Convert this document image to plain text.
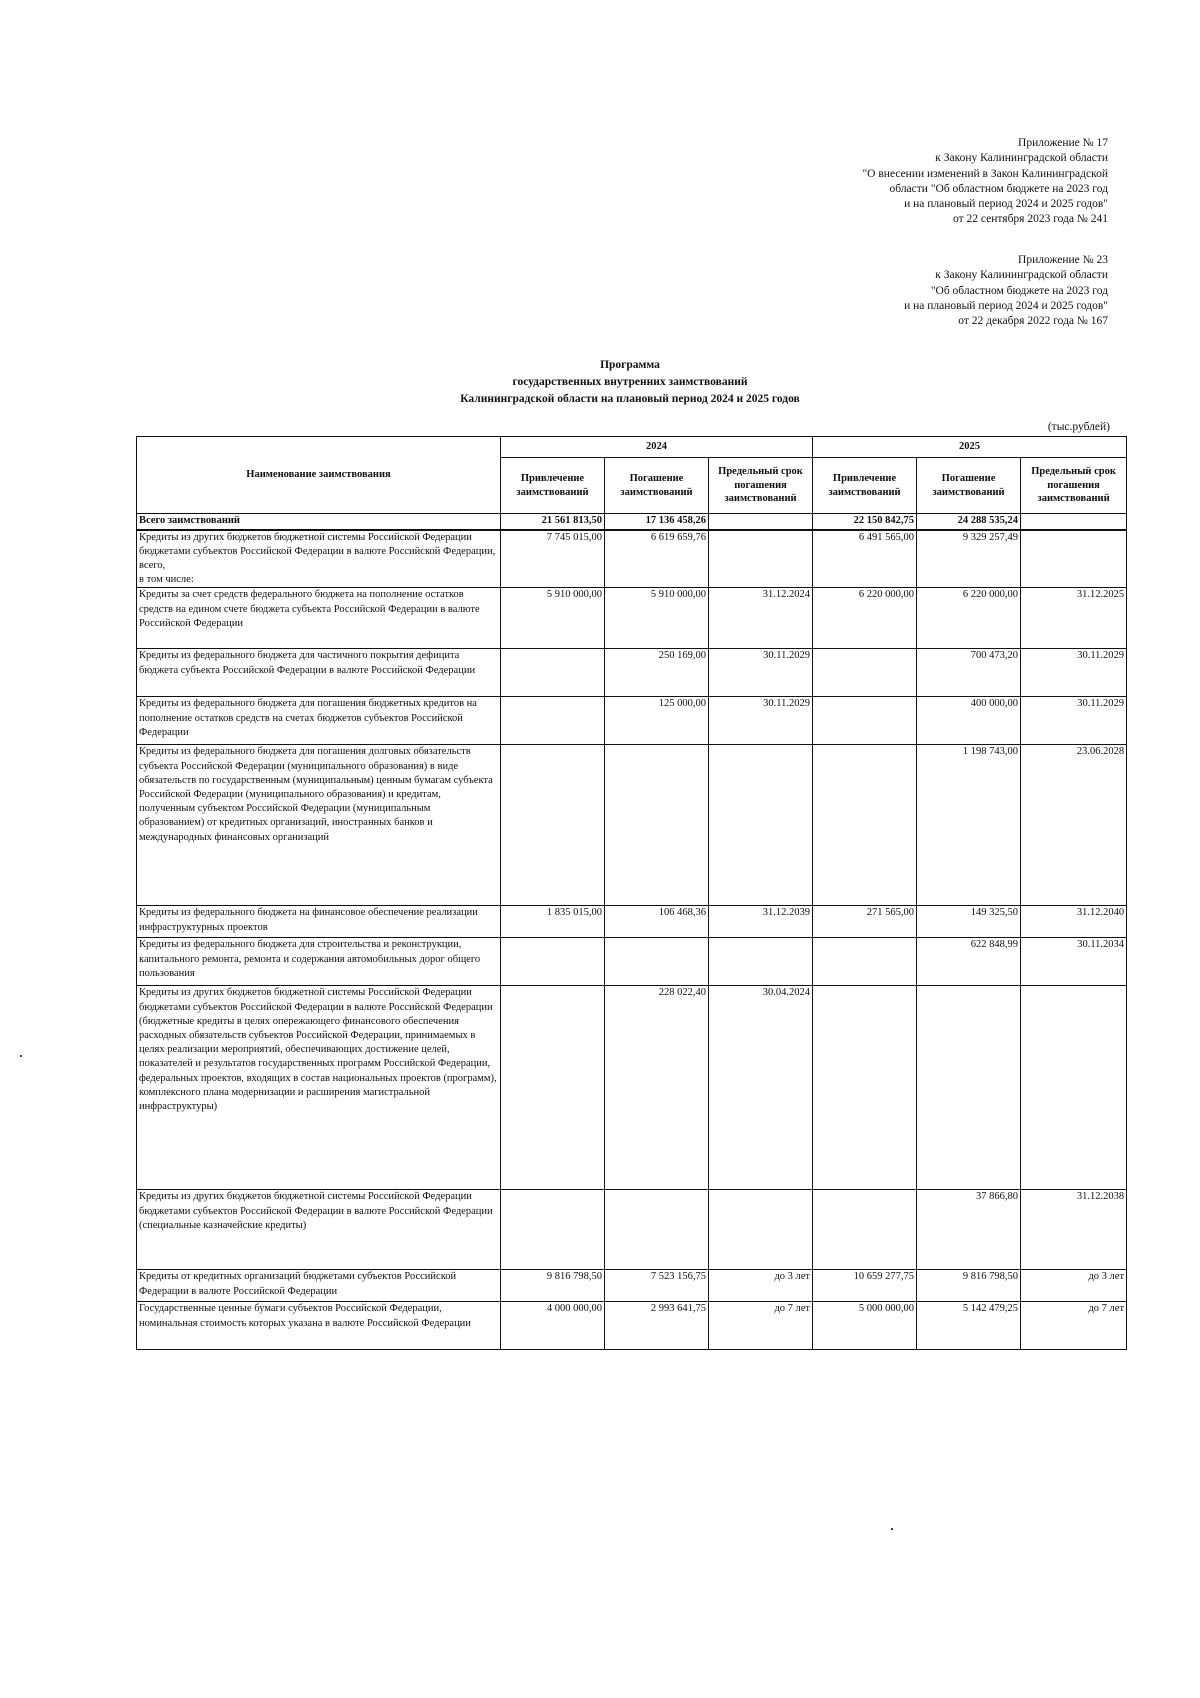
Приложение № 17
к Закону Калининградской области
"О внесении изменений в Закон Калининградской
области "Об областном бюджете на 2023 год
и на плановый период 2024 и 2025 годов"
от 22 сентября 2023 года № 241
Приложение № 23
к Закону Калининградской области
"Об областном бюджете на 2023 год
и на плановый период 2024 и 2025 годов"
от 22 декабря 2022 года № 167
Программа
государственных внутренних заимствований
Калининградской области на плановый период 2024 и 2025 годов
(тыс.рублей)
Наименование заимствования	2024			2025		
	Привлечение заимствований	Погашение заимствований	Предельный срок погашения заимствований	Привлечение заимствований	Погашение заимствований	Предельный срок погашения заимствований
Всего заимствований	21 561 813,50	17 136 458,26		22 150 842,75	24 288 535,24	
Кредиты из других бюджетов бюджетной системы Российской Федерации бюджетами субъектов Российской Федерации в валюте Российской Федерации, всего,
в том числе:	7 745 015,00	6 619 659,76		6 491 565,00	9 329 257,49	
Кредиты за счет средств федерального бюджета на пополнение остатков средств на едином счете бюджета субъекта Российской Федерации в валюте Российской Федерации	5 910 000,00	5 910 000,00	31.12.2024	6 220 000,00	6 220 000,00	31.12.2025
Кредиты из федерального бюджета для частичного покрытия дефицита бюджета субъекта Российской Федерации в валюте Российской Федерации		250 169,00	30.11.2029		700 473,20	30.11.2029
Кредиты из федерального бюджета для погашения бюджетных кредитов на пополнение остатков средств на счетах бюджетов субъектов Российской Федерации		125 000,00	30.11.2029		400 000,00	30.11.2029
Кредиты из федерального бюджета для погашения долговых обязательств субъекта Российской Федерации (муниципального образования) в виде обязательств по государственным (муниципальным) ценным бумагам субъекта Российской Федерации (муниципального образования) и кредитам, полученным субъектом Российской Федерации (муниципальным образованием) от кредитных организаций, иностранных банков и международных финансовых организаций					1 198 743,00	23.06.2028
Кредиты из федерального бюджета на финансовое обеспечение реализации инфраструктурных проектов	1 835 015,00	106 468,36	31.12.2039	271 565,00	149 325,50	31.12.2040
Кредиты из федерального бюджета для строительства и реконструкции, капитального ремонта, ремонта и содержания автомобильных дорог общего пользования					622 848,99	30.11.2034
Кредиты из других бюджетов бюджетной системы Российской Федерации бюджетами субъектов Российской Федерации в валюте Российской Федерации (бюджетные кредиты в целях опережающего финансового обеспечения расходных обязательств субъектов Российской Федерации, принимаемых в целях реализации мероприятий, обеспечивающих достижение целей, показателей и результатов государственных программ Российской Федерации, федеральных проектов, входящих в состав национальных проектов (программ), комплексного плана модернизации и расширения магистральной инфраструктуры)		228 022,40	30.04.2024			
Кредиты из других бюджетов бюджетной системы Российской Федерации бюджетами субъектов Российской Федерации в валюте Российской Федерации (специальные казначейские кредиты)					37 866,80	31.12.2038
Кредиты от кредитных организаций бюджетами субъектов Российской Федерации в валюте Российской Федерации	9 816 798,50	7 523 156,75	до 3 лет	10 659 277,75	9 816 798,50	до 3 лет
Государственные ценные бумаги субъектов Российской Федерации, номинальная стоимость которых указана в валюте Российской Федерации	4 000 000,00	2 993 641,75	до 7 лет	5 000 000,00	5 142 479,25	до 7 лет
